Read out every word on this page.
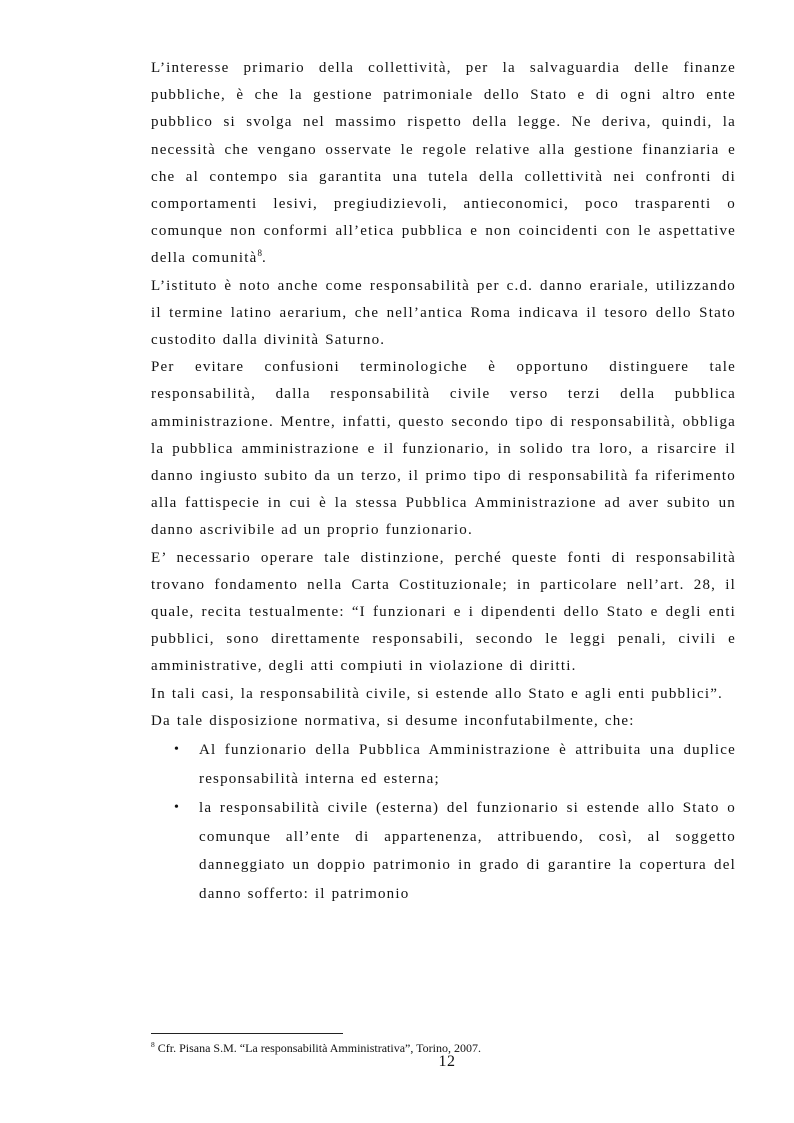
L’interesse primario della collettività, per la salvaguardia delle finanze pubbliche, è che la gestione patrimoniale dello Stato e di ogni altro ente pubblico si svolga nel massimo rispetto della legge. Ne deriva, quindi, la necessità che vengano osservate le regole relative alla gestione finanziaria e che al contempo sia garantita una tutela della collettività nei confronti di comportamenti lesivi, pregiudizievoli, antieconomici, poco trasparenti o comunque non conformi all’etica pubblica e non coincidenti con le aspettative della comunità$^8$.

L’istituto è noto anche come responsabilità per c.d. danno erariale, utilizzando il termine latino aerarium, che nell’antica Roma indicava il tesoro dello Stato custodito dalla divinità Saturno.

Per evitare confusioni terminologiche è opportuno distinguere tale responsabilità, dalla responsabilità civile verso terzi della pubblica amministrazione. Mentre, infatti, questo secondo tipo di responsabilità, obbliga la pubblica amministrazione e il funzionario, in solido tra loro, a risarcire il danno ingiusto subito da un terzo, il primo tipo di responsabilità fa riferimento alla fattispecie in cui è la stessa Pubblica Amministrazione ad aver subito un danno ascrivibile ad un proprio funzionario.

E’ necessario operare tale distinzione, perché queste fonti di responsabilità trovano fondamento nella Carta Costituzionale; in particolare nell’art. 28, il quale, recita testualmente: “I funzionari e i dipendenti dello Stato e degli enti pubblici, sono direttamente responsabili, secondo le leggi penali, civili e amministrative, degli atti compiuti in violazione di diritti.

In tali casi, la responsabilità civile, si estende allo Stato e agli enti pubblici”.

Da tale disposizione normativa, si desume inconfutabilmente, che:

• Al funzionario della Pubblica Amministrazione è attribuita una duplice responsabilità interna ed esterna;
• la responsabilità civile (esterna) del funzionario si estende allo Stato o comunque all’ente di appartenenza, attribuendo, così, al soggetto danneggiato un doppio patrimonio in grado di garantire la copertura del danno sofferto: il patrimonio
$^8$ Cfr. Pisana S.M. “La responsabilità Amministrativa”, Torino, 2007.
12
